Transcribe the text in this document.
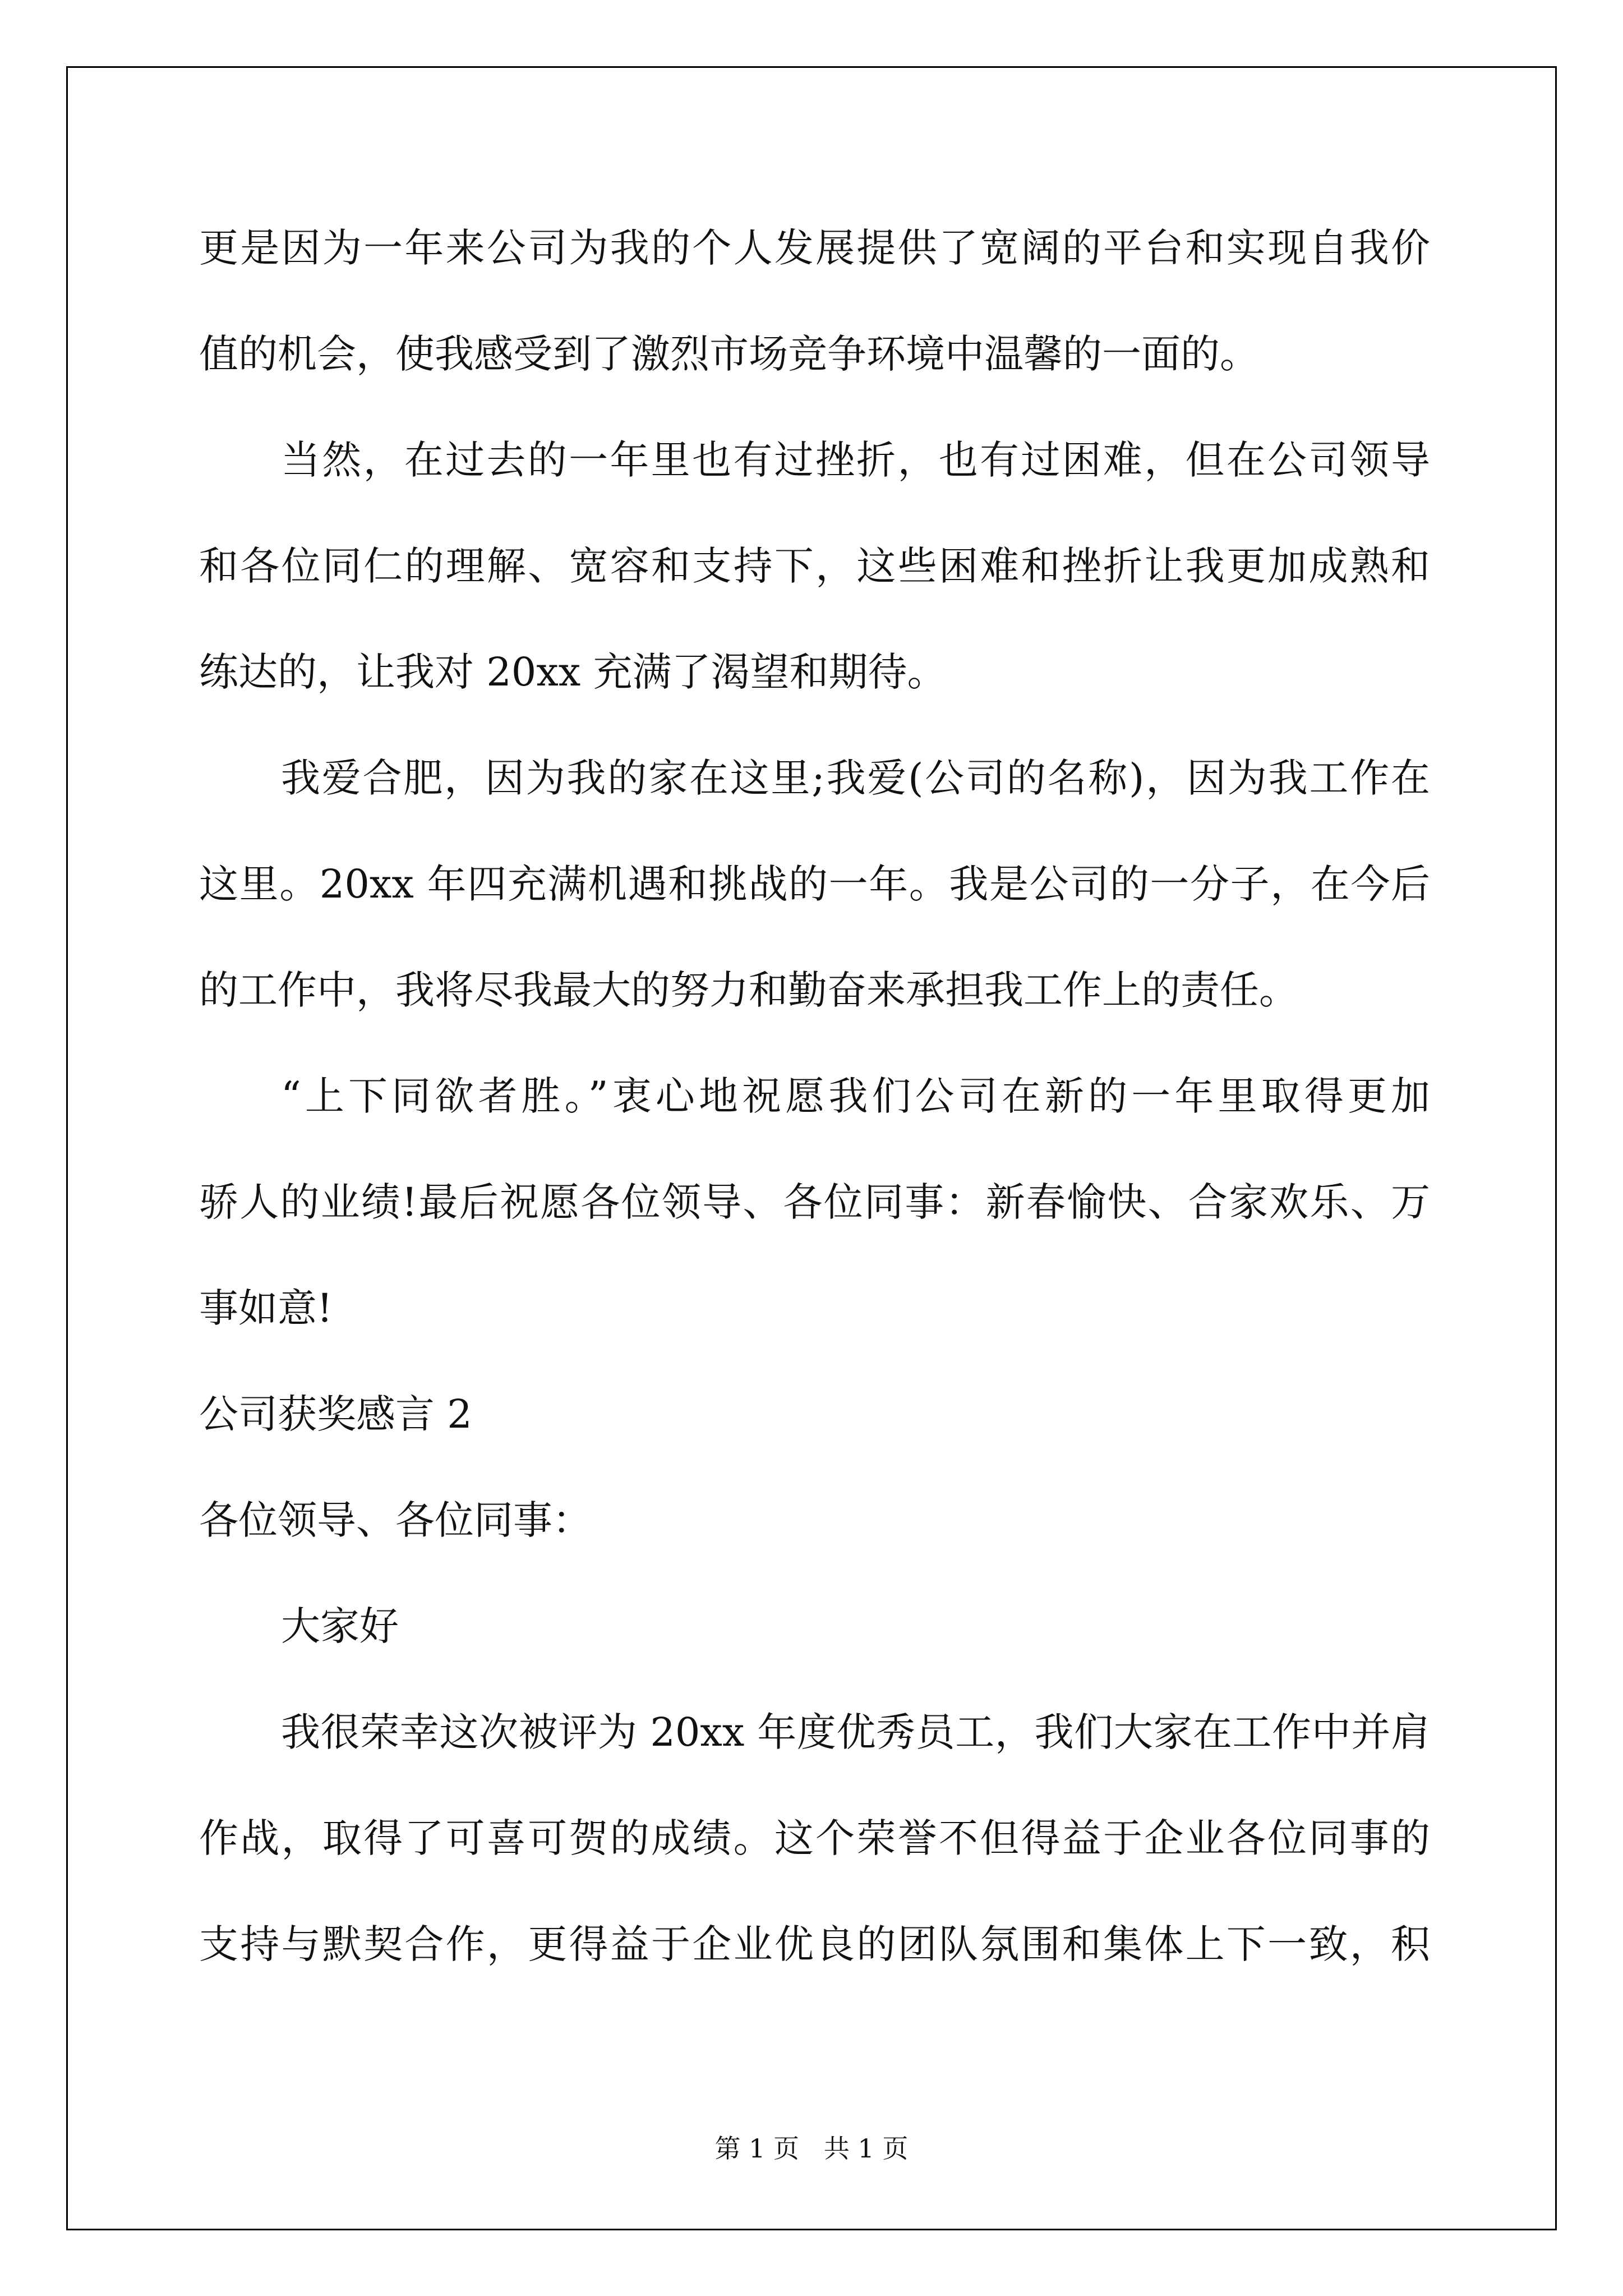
更是因为一年来公司为我的个人发展提供了宽阔的平台和实现自我价
值的机会，使我感受到了激烈市场竞争环境中温馨的一面的。
当然，在过去的一年里也有过挫折，也有过困难，但在公司领导
和各位同仁的理解、宽容和支持下，这些困难和挫折让我更加成熟和
练达的，让我对 20xx 充满了渴望和期待。
我爱合肥，因为我的家在这里;我爱(公司的名称)，因为我工作在
这里。20xx 年四充满机遇和挑战的一年。我是公司的一分子，在今后
的工作中，我将尽我最大的努力和勤奋来承担我工作上的责任。
“上下同欲者胜。”衷心地祝愿我们公司在新的一年里取得更加
骄人的业绩!最后祝愿各位领导、各位同事：新春愉快、合家欢乐、万
事如意!
公司获奖感言 2
各位领导、各位同事：
大家好
我很荣幸这次被评为 20xx 年度优秀员工，我们大家在工作中并肩
作战，取得了可喜可贺的成绩。这个荣誉不但得益于企业各位同事的
支持与默契合作，更得益于企业优良的团队氛围和集体上下一致，积
第 1 页   共 1 页
